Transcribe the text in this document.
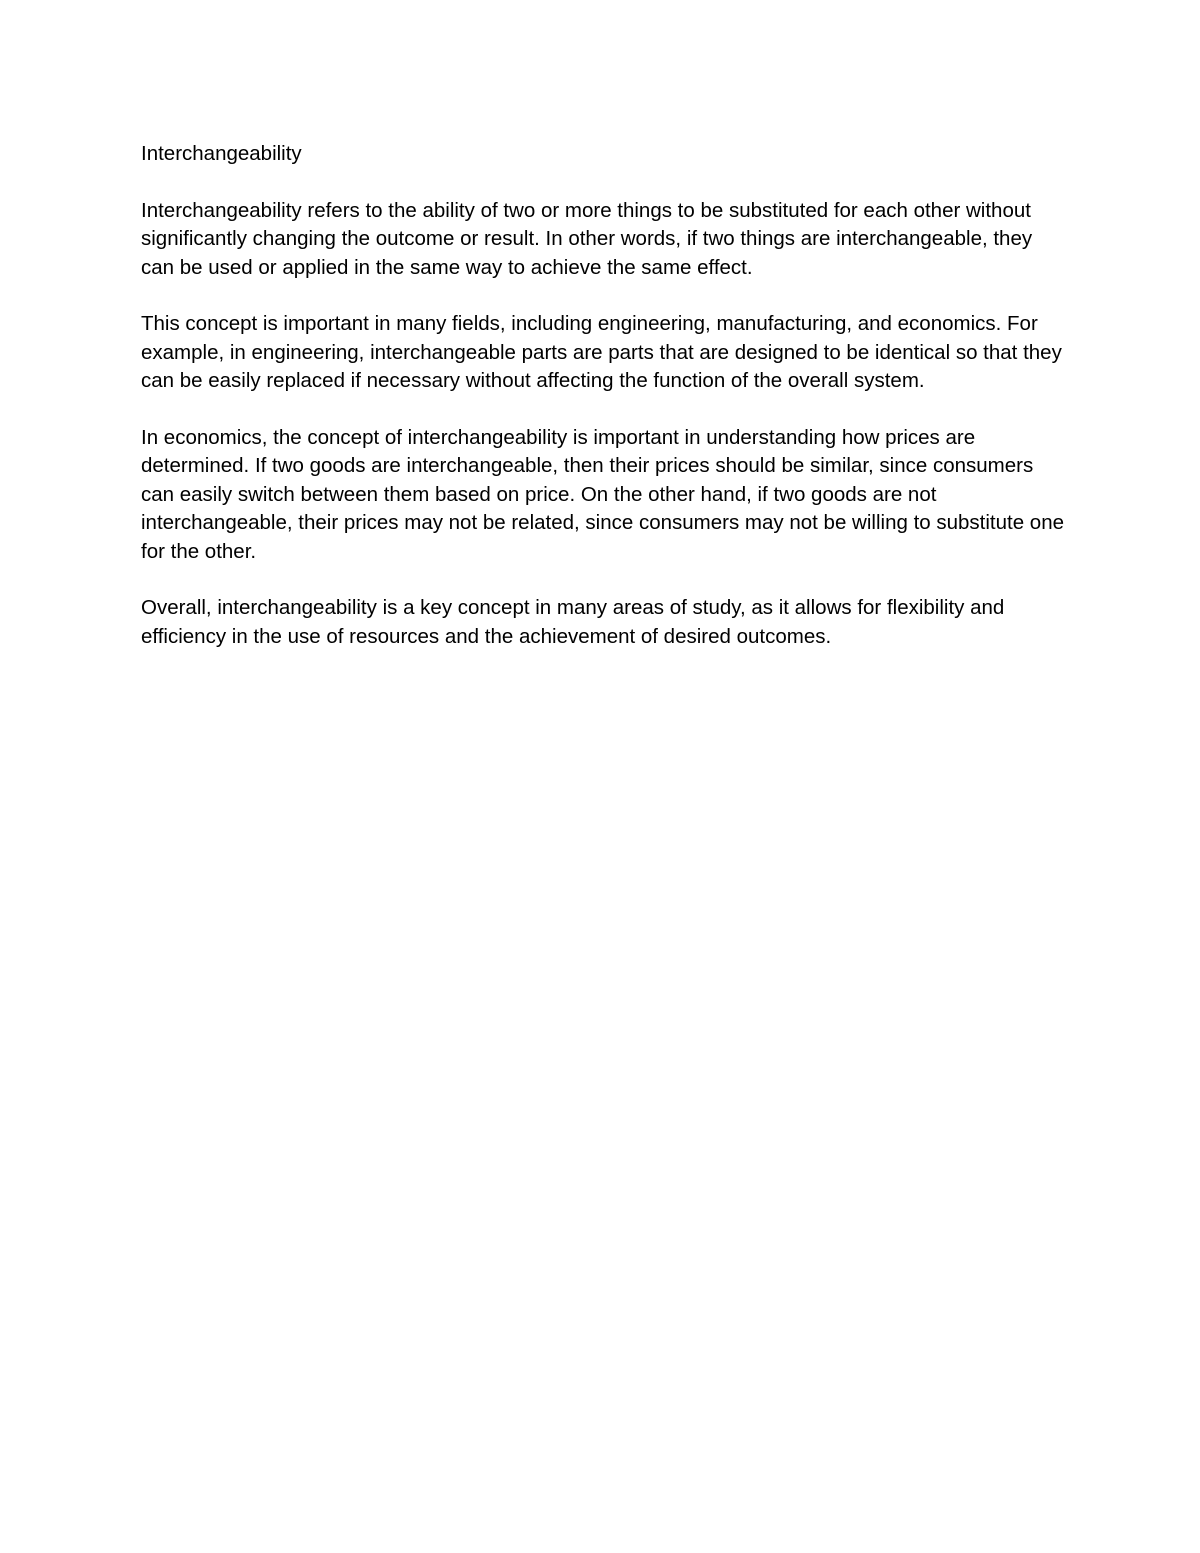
Interchangeability

Interchangeability refers to the ability of two or more things to be substituted for each other without significantly changing the outcome or result. In other words, if two things are interchangeable, they can be used or applied in the same way to achieve the same effect.

This concept is important in many fields, including engineering, manufacturing, and economics. For example, in engineering, interchangeable parts are parts that are designed to be identical so that they can be easily replaced if necessary without affecting the function of the overall system.

In economics, the concept of interchangeability is important in understanding how prices are determined. If two goods are interchangeable, then their prices should be similar, since consumers can easily switch between them based on price. On the other hand, if two goods are not interchangeable, their prices may not be related, since consumers may not be willing to substitute one for the other.

Overall, interchangeability is a key concept in many areas of study, as it allows for flexibility and efficiency in the use of resources and the achievement of desired outcomes.
